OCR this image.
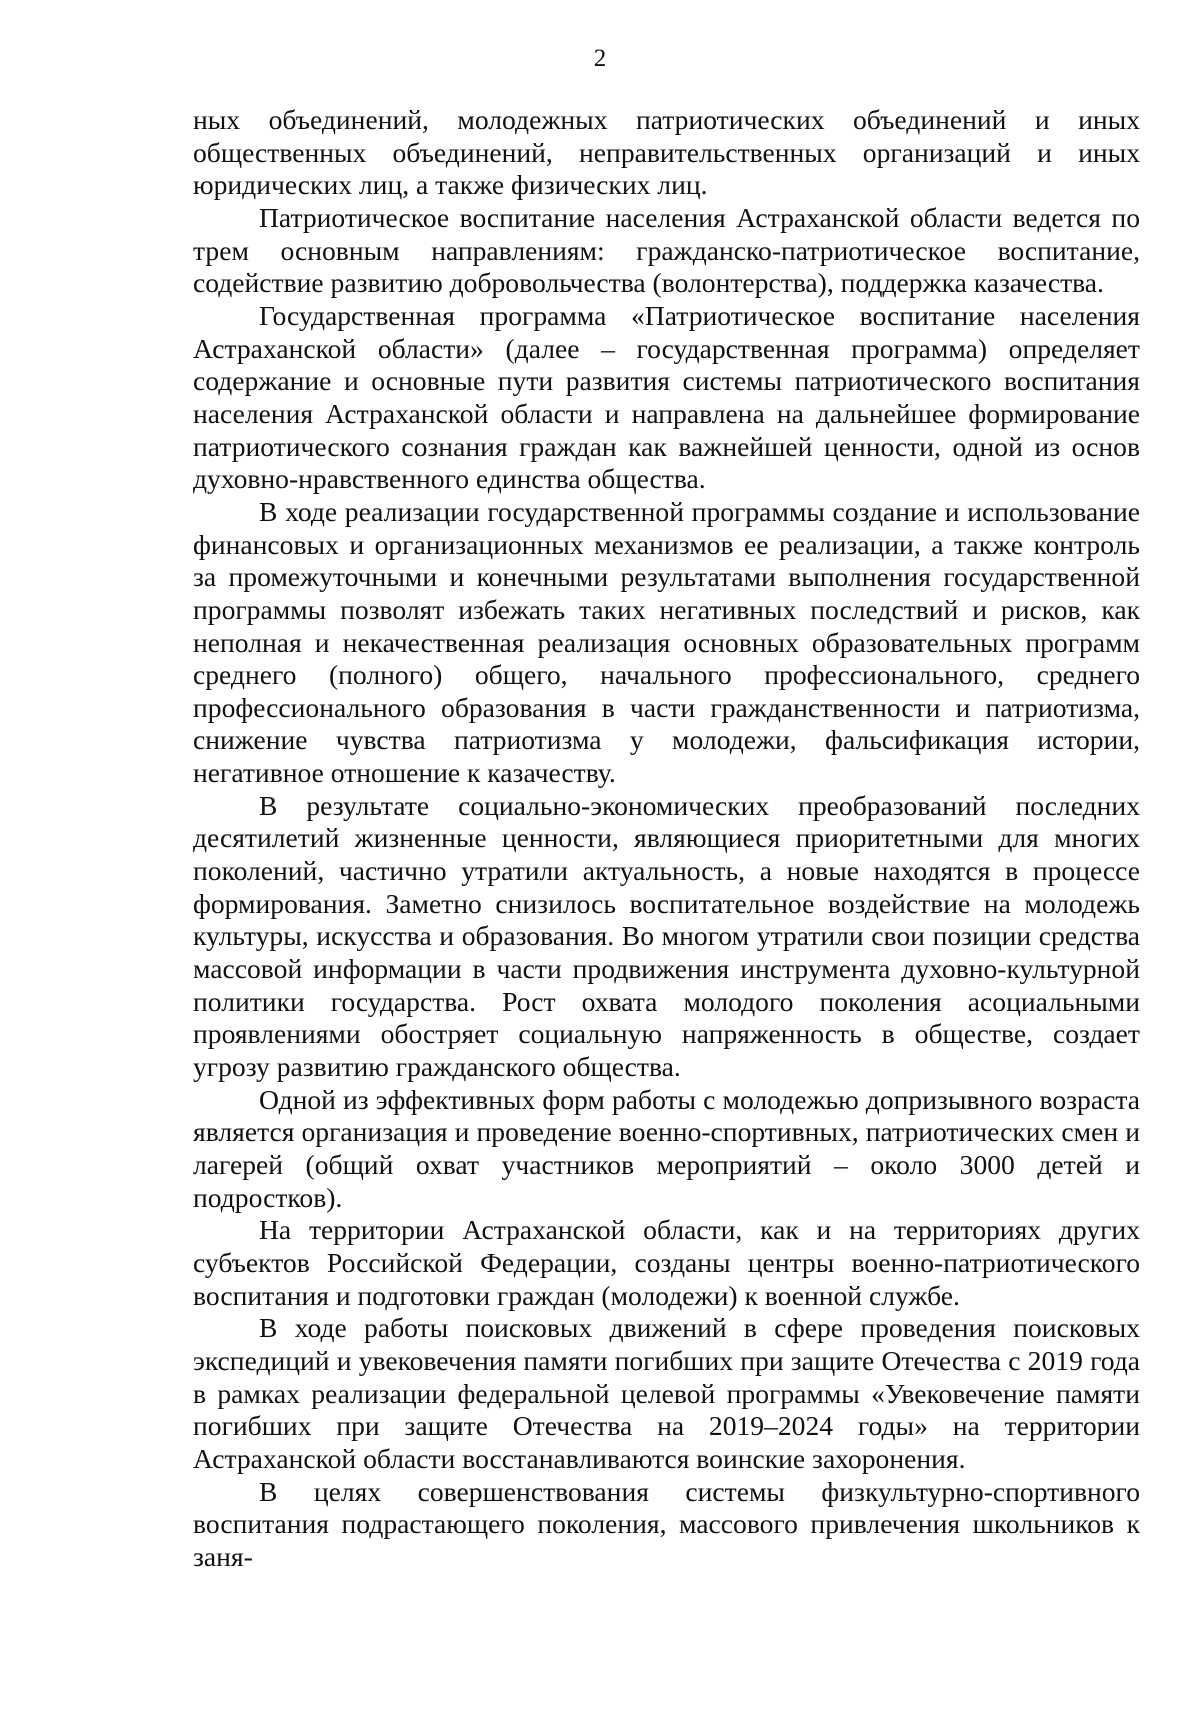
2

ных объединений, молодежных патриотических объединений и иных общественных объединений, неправительственных организаций и иных юридических лиц, а также физических лиц.

Патриотическое воспитание населения Астраханской области ведется по трем основным направлениям: гражданско-патриотическое воспитание, содействие развитию добровольчества (волонтерства), поддержка казачества.

Государственная программа «Патриотическое воспитание населения Астраханской области» (далее – государственная программа) определяет содержание и основные пути развития системы патриотического воспитания населения Астраханской области и направлена на дальнейшее формирование патриотического сознания граждан как важнейшей ценности, одной из основ духовно-нравственного единства общества.

В ходе реализации государственной программы создание и использование финансовых и организационных механизмов ее реализации, а также контроль за промежуточными и конечными результатами выполнения государственной программы позволят избежать таких негативных последствий и рисков, как неполная и некачественная реализация основных образовательных программ среднего (полного) общего, начального профессионального, среднего профессионального образования в части гражданственности и патриотизма, снижение чувства патриотизма у молодежи, фальсификация истории, негативное отношение к казачеству.

В результате социально-экономических преобразований последних десятилетий жизненные ценности, являющиеся приоритетными для многих поколений, частично утратили актуальность, а новые находятся в процессе формирования. Заметно снизилось воспитательное воздействие на молодежь культуры, искусства и образования. Во многом утратили свои позиции средства массовой информации в части продвижения инструмента духовно-культурной политики государства. Рост охвата молодого поколения асоциальными проявлениями обостряет социальную напряженность в обществе, создает угрозу развитию гражданского общества.

Одной из эффективных форм работы с молодежью допризывного возраста является организация и проведение военно-спортивных, патриотических смен и лагерей (общий охват участников мероприятий – около 3000 детей и подростков).

На территории Астраханской области, как и на территориях других субъектов Российской Федерации, созданы центры военно-патриотического воспитания и подготовки граждан (молодежи) к военной службе.

В ходе работы поисковых движений в сфере проведения поисковых экспедиций и увековечения памяти погибших при защите Отечества с 2019 года в рамках реализации федеральной целевой программы «Увековечение памяти погибших при защите Отечества на 2019–2024 годы» на территории Астраханской области восстанавливаются воинские захоронения.

В целях совершенствования системы физкультурно-спортивного воспитания подрастающего поколения, массового привлечения школьников к заня-
